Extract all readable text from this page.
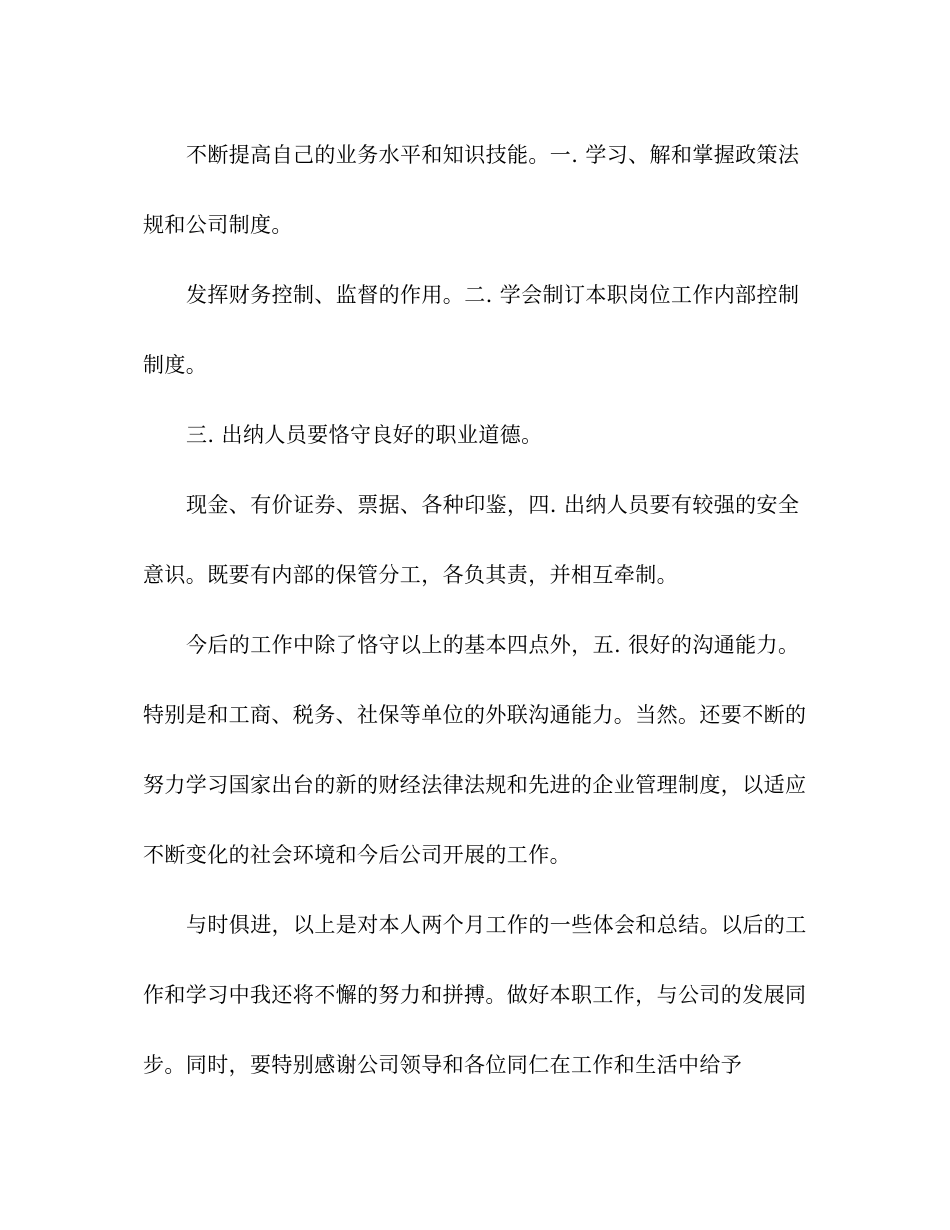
不断提高自己的业务水平和知识技能。一. 学习、解和掌握政策法规和公司制度。

发挥财务控制、监督的作用。二. 学会制订本职岗位工作内部控制制度。

三. 出纳人员要恪守良好的职业道德。

现金、有价证券、票据、各种印鉴，四. 出纳人员要有较强的安全意识。既要有内部的保管分工，各负其责，并相互牵制。

今后的工作中除了恪守以上的基本四点外，五. 很好的沟通能力。特别是和工商、税务、社保等单位的外联沟通能力。当然。还要不断的努力学习国家出台的新的财经法律法规和先进的企业管理制度，以适应不断变化的社会环境和今后公司开展的工作。

与时俱进，以上是对本人两个月工作的一些体会和总结。以后的工作和学习中我还将不懈的努力和拼搏。做好本职工作，与公司的发展同步。同时，要特别感谢公司领导和各位同仁在工作和生活中给予
